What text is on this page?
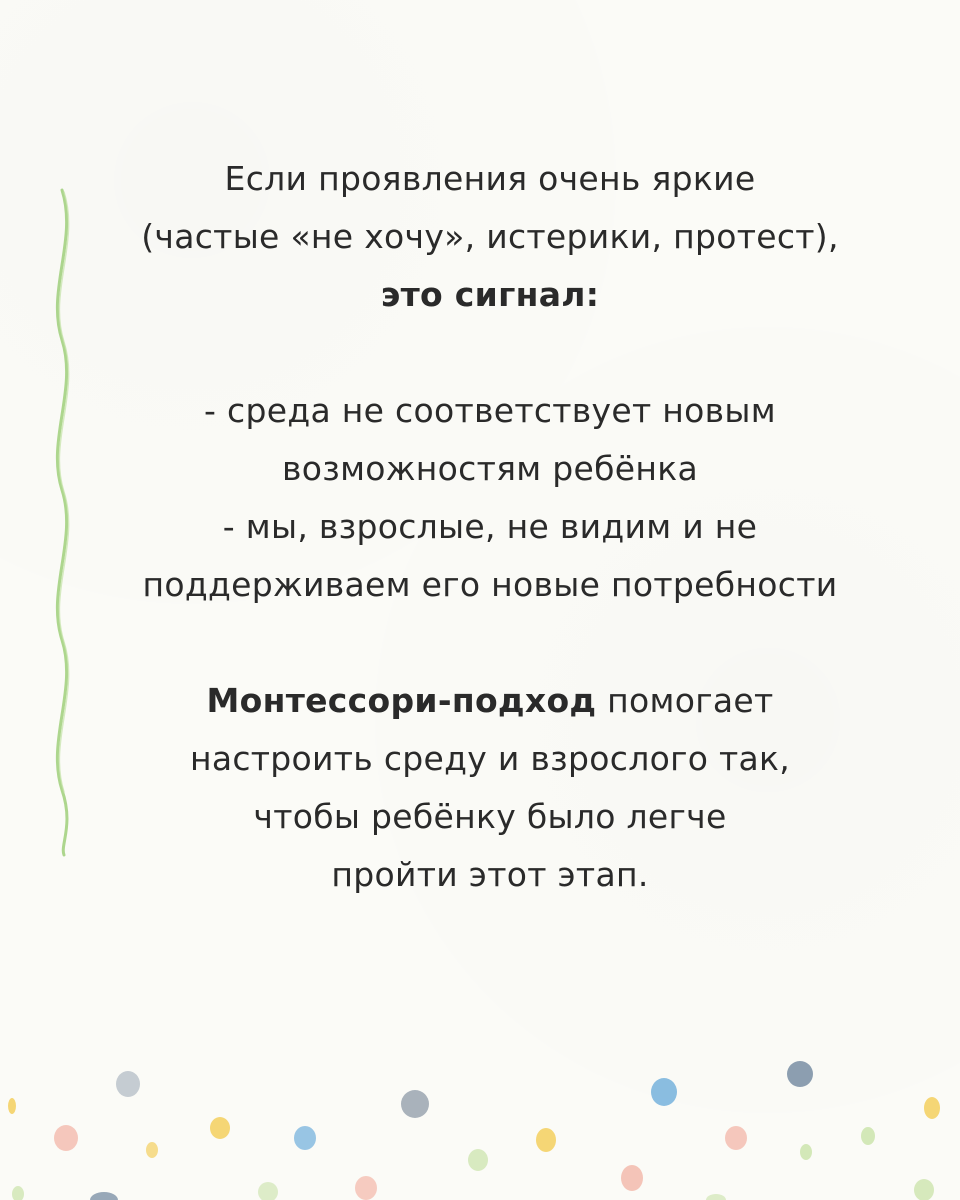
Если проявления очень яркие
(частые «не хочу», истерики, протест),
это сигнал:
- среда не соответствует новым
возможностям ребёнка
- мы, взрослые, не видим и не
поддерживаем его новые потребности
Монтессори-подход помогает
настроить среду и взрослого так,
чтобы ребёнку было легче
пройти этот этап.
